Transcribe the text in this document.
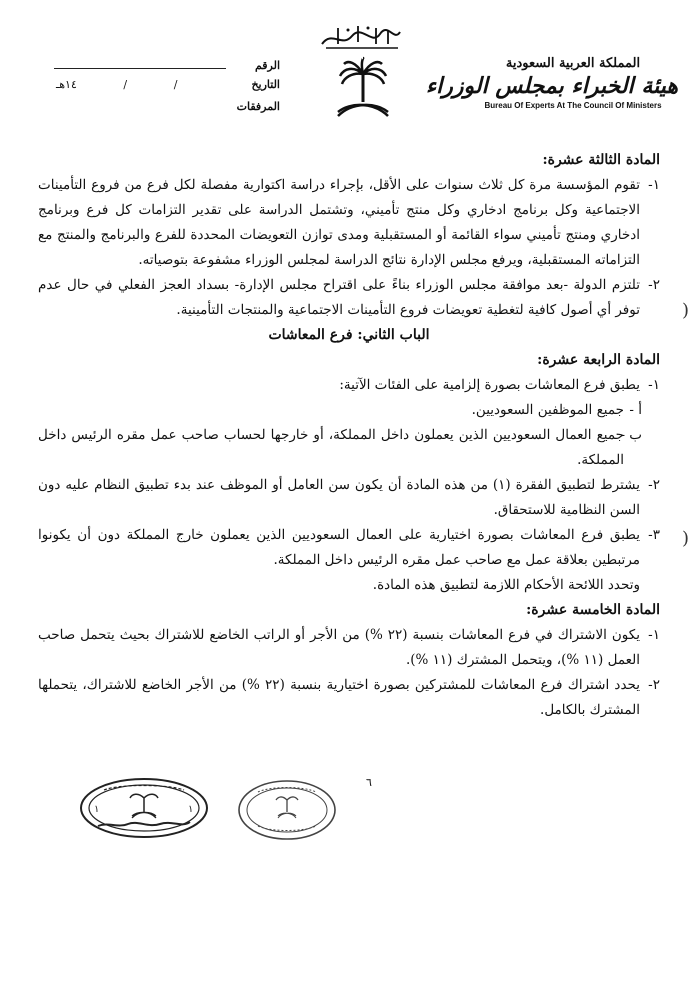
الرقم
التاريخ
١٤هـ	/	/
المرفقات
المملكة العربية السعودية
هيئة الخبراء بمجلس الوزراء
Bureau Of Experts At The Council Of Ministers
المادة الثالثة عشرة:
١-
تقوم المؤسسة مرة كل ثلاث سنوات على الأقل، بإجراء دراسة اكتوارية مفصلة لكل فرع من فروع التأمينات الاجتماعية وكل برنامج ادخاري وكل منتج تأميني، وتشتمل الدراسة على تقدير التزامات كل فرع وبرنامج ادخاري ومنتج تأميني سواء القائمة أو المستقبلية ومدى توازن التعويضات المحددة للفرع والبرنامج والمنتج مع التزاماته المستقبلية، ويرفع مجلس الإدارة نتائج الدراسة لمجلس الوزراء مشفوعة بتوصياته.
٢-
تلتزم الدولة -بعد موافقة مجلس الوزراء بناءً على اقتراح مجلس الإدارة- بسداد العجز الفعلي في حال عدم توفر أي أصول كافية لتغطية تعويضات فروع التأمينات الاجتماعية والمنتجات التأمينية.
الباب الثاني: فرع المعاشات
المادة الرابعة عشرة:
١-
يطبق فرع المعاشات بصورة إلزامية على الفئات الآتية:
أ -
جميع الموظفين السعوديين.
ب -
جميع العمال السعوديين الذين يعملون داخل المملكة، أو خارجها لحساب صاحب عمل مقره الرئيس داخل المملكة.
٢-
يشترط لتطبيق الفقرة (١) من هذه المادة أن يكون سن العامل أو الموظف عند بدء تطبيق النظام عليه دون السن النظامية للاستحقاق.
٣-
يطبق فرع المعاشات بصورة اختيارية على العمال السعوديين الذين يعملون خارج المملكة دون أن يكونوا مرتبطين بعلاقة عمل مع صاحب عمل مقره الرئيس داخل المملكة.
وتحدد اللائحة الأحكام اللازمة لتطبيق هذه المادة.
المادة الخامسة عشرة:
١-
يكون الاشتراك في فرع المعاشات بنسبة (٢٢ %) من الأجر أو الراتب الخاضع للاشتراك بحيث يتحمل صاحب العمل (١١ %)، ويتحمل المشترك (١١ %).
٢-
يحدد اشتراك فرع المعاشات للمشتركين بصورة اختيارية بنسبة (٢٢ %) من الأجر الخاضع للاشتراك، يتحملها المشترك بالكامل.
)
)
٦
١	١
